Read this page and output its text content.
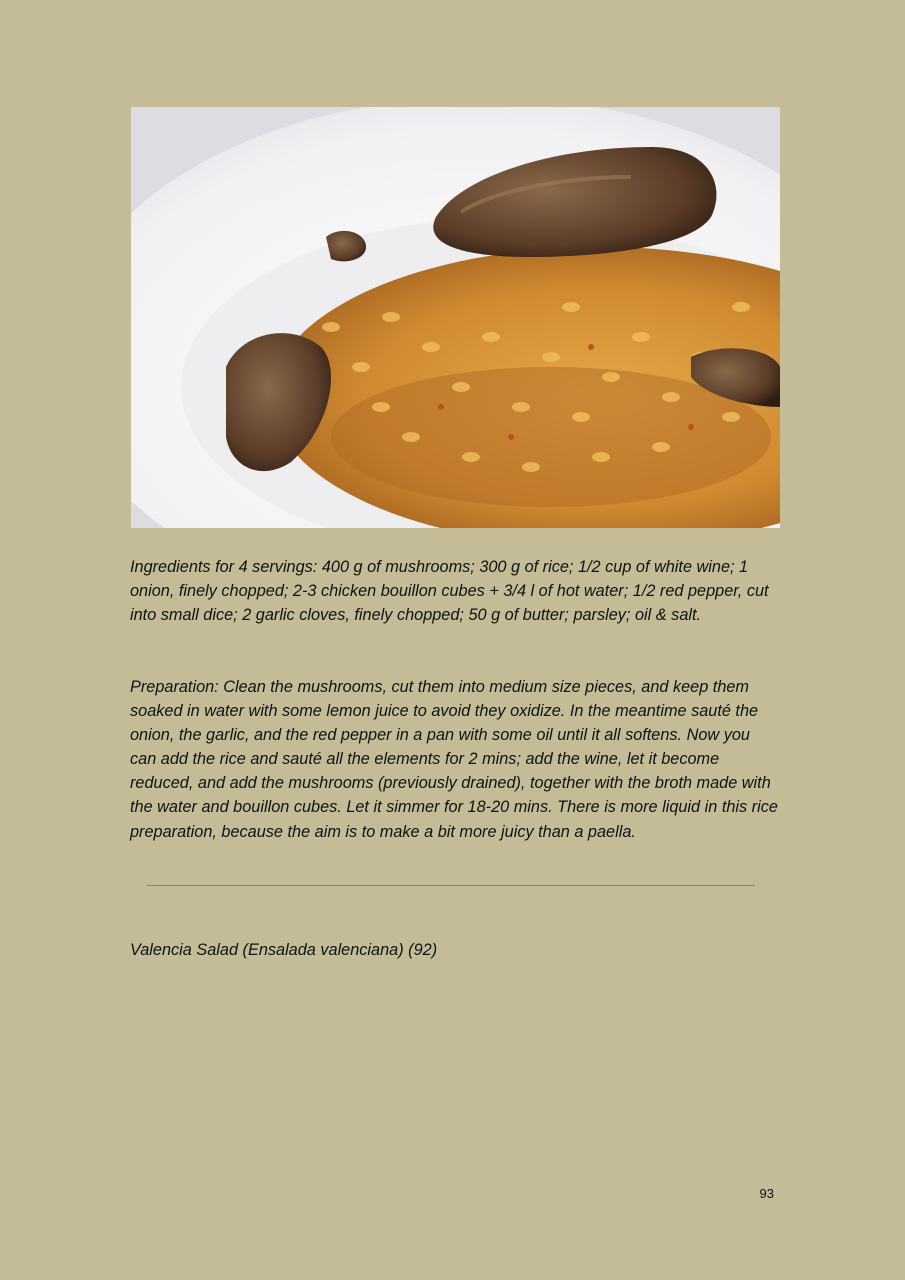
Ingredients for 4 servings: 400 g of mushrooms; 300 g of rice; 1/2 cup of white wine; 1 onion, finely chopped; 2-3 chicken bouillon cubes + 3/4 l of hot water; 1/2 red pepper, cut into small dice; 2 garlic cloves, finely chopped; 50 g of butter; parsley; oil & salt.

Preparation: Clean the mushrooms, cut them into medium size pieces, and keep them soaked in water with some lemon juice to avoid they oxidize. In the meantime sauté the onion, the garlic, and the red pepper in a pan with some oil until it all softens. Now you can add the rice and sauté all the elements for 2 mins; add the wine, let it become reduced, and add the mushrooms (previously drained), together with the broth made with the water and bouillon cubes. Let it simmer for 18-20 mins. There is more liquid in this rice preparation, because the aim is to make a bit more juicy than a paella.

Valencia Salad (Ensalada valenciana) (92)

93
